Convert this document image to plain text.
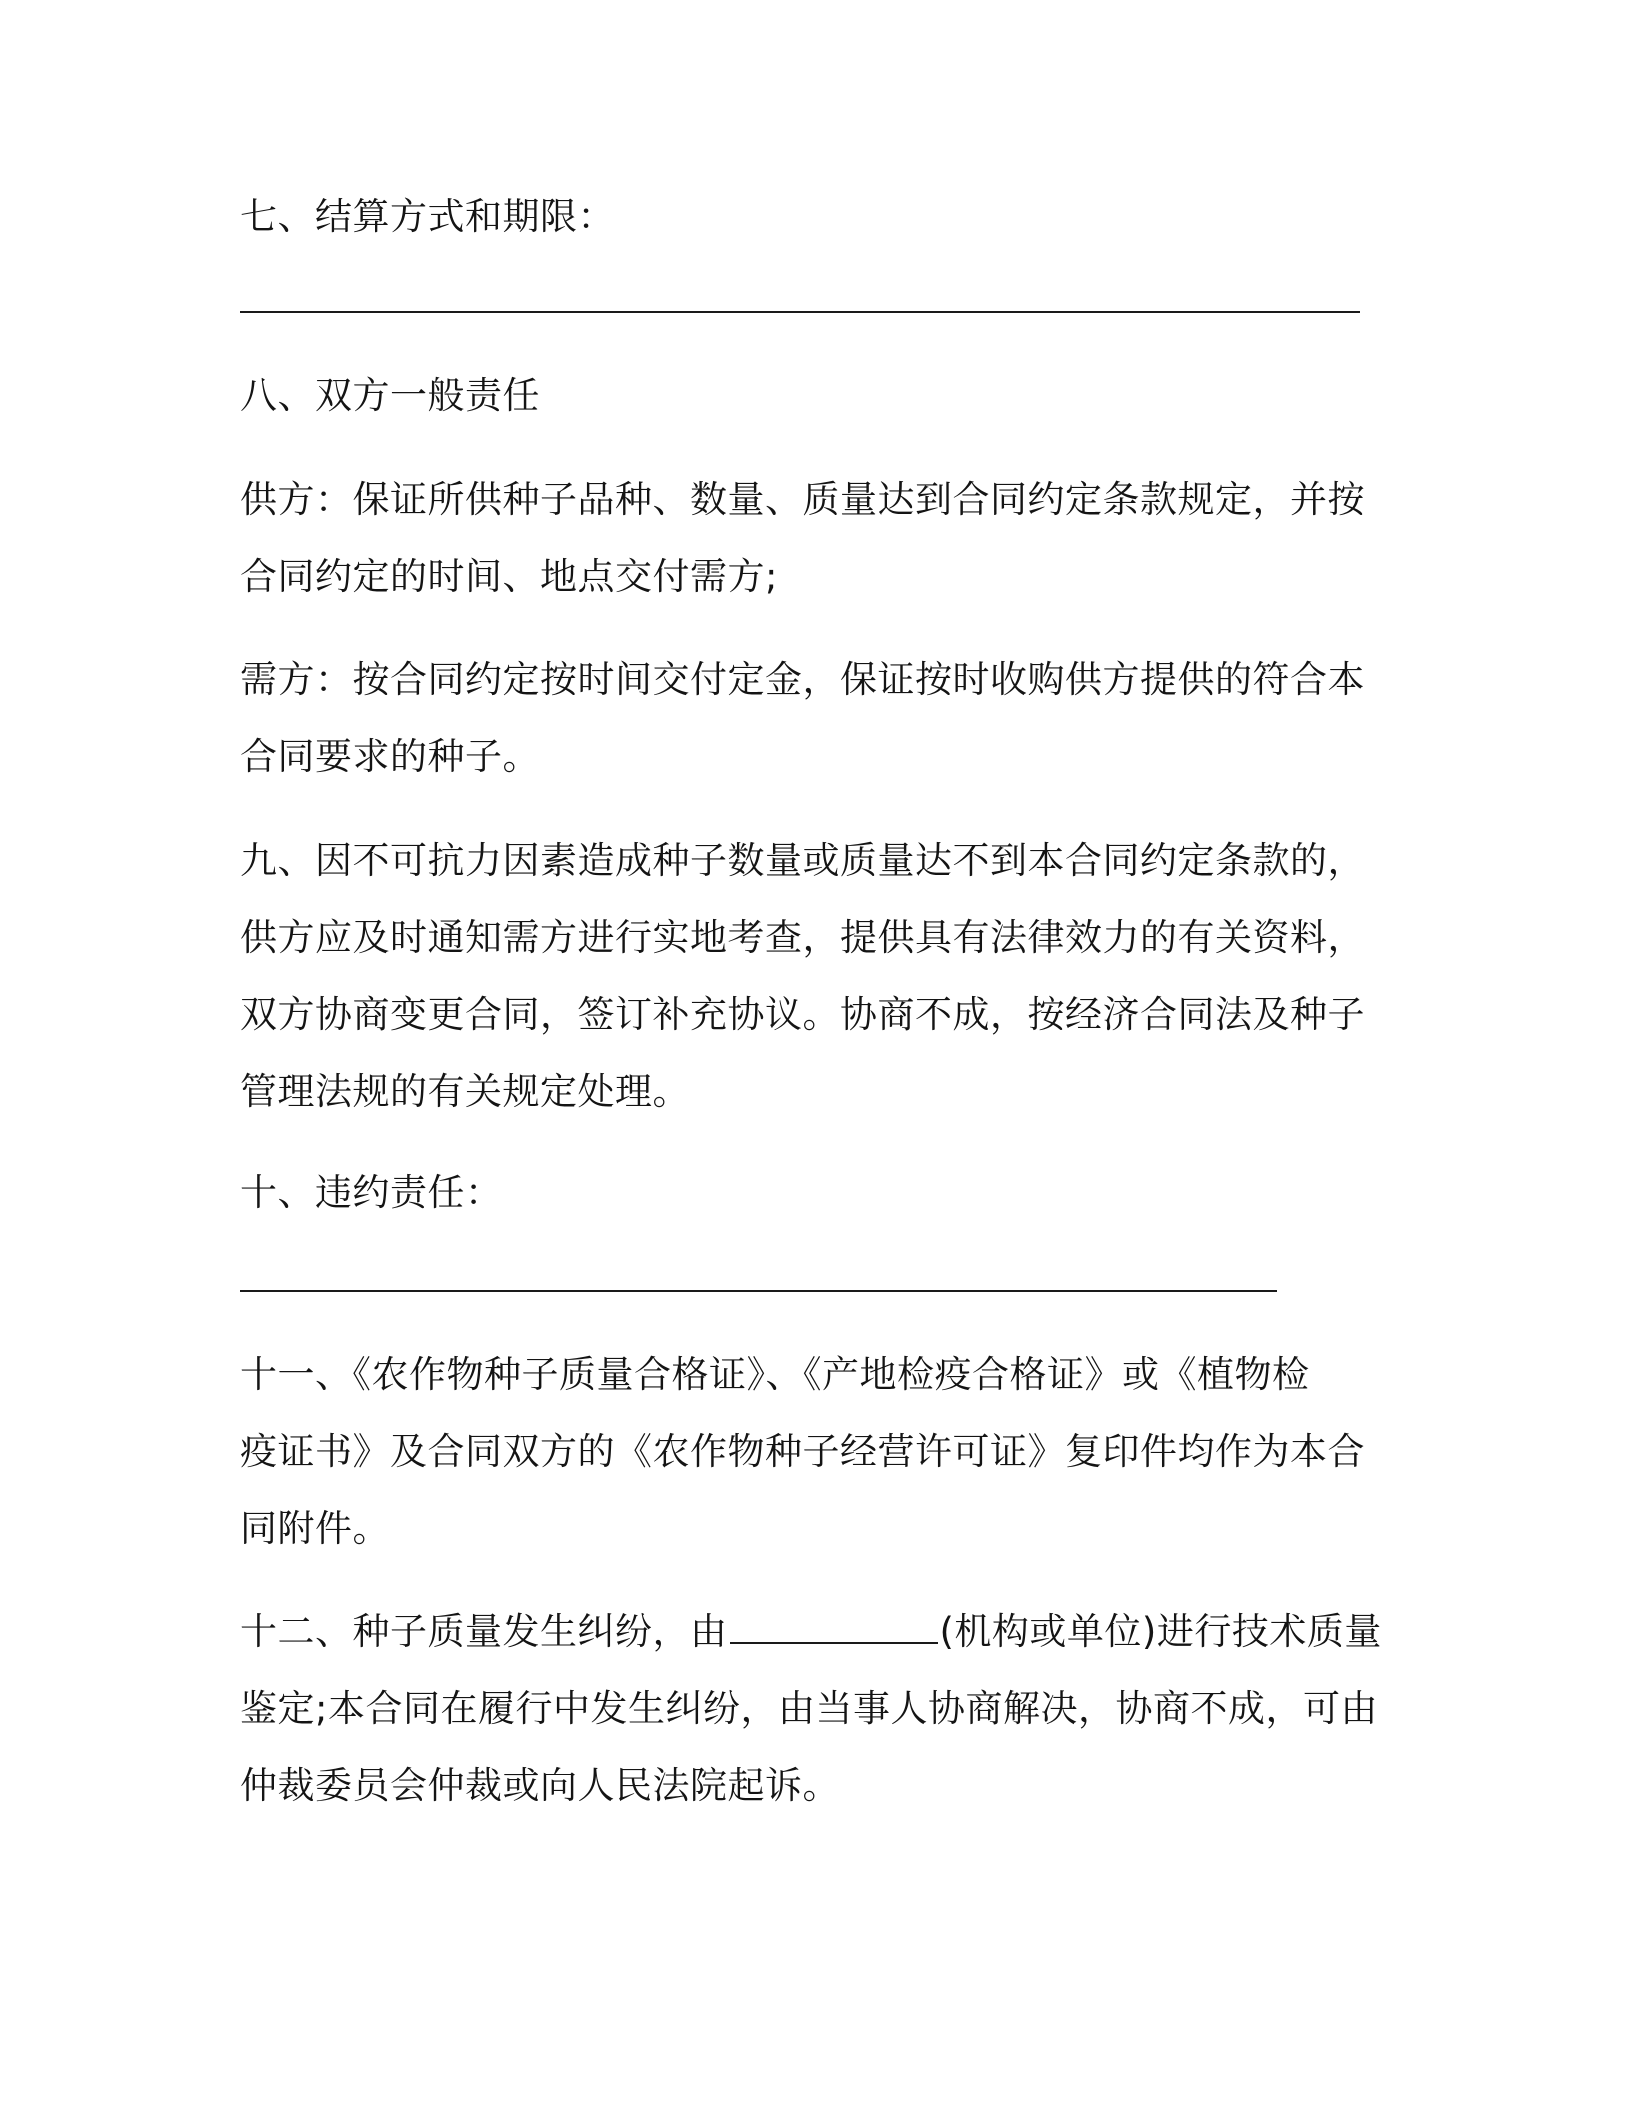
七、结算方式和期限：

八、双方一般责任

供方：保证所供种子品种、数量、质量达到合同约定条款规定，并按
合同约定的时间、地点交付需方;

需方：按合同约定按时间交付定金，保证按时收购供方提供的符合本
合同要求的种子。

九、因不可抗力因素造成种子数量或质量达不到本合同约定条款的，
供方应及时通知需方进行实地考查，提供具有法律效力的有关资料，
双方协商变更合同，签订补充协议。协商不成，按经济合同法及种子
管理法规的有关规定处理。

十、违约责任：

十一、《农作物种子质量合格证》、《产地检疫合格证》或《植物检
疫证书》及合同双方的《农作物种子经营许可证》复印件均作为本合
同附件。

十二、种子质量发生纠纷，由	(机构或单位)进行技术质量
鉴定;本合同在履行中发生纠纷，由当事人协商解决，协商不成，可由
仲裁委员会仲裁或向人民法院起诉。
